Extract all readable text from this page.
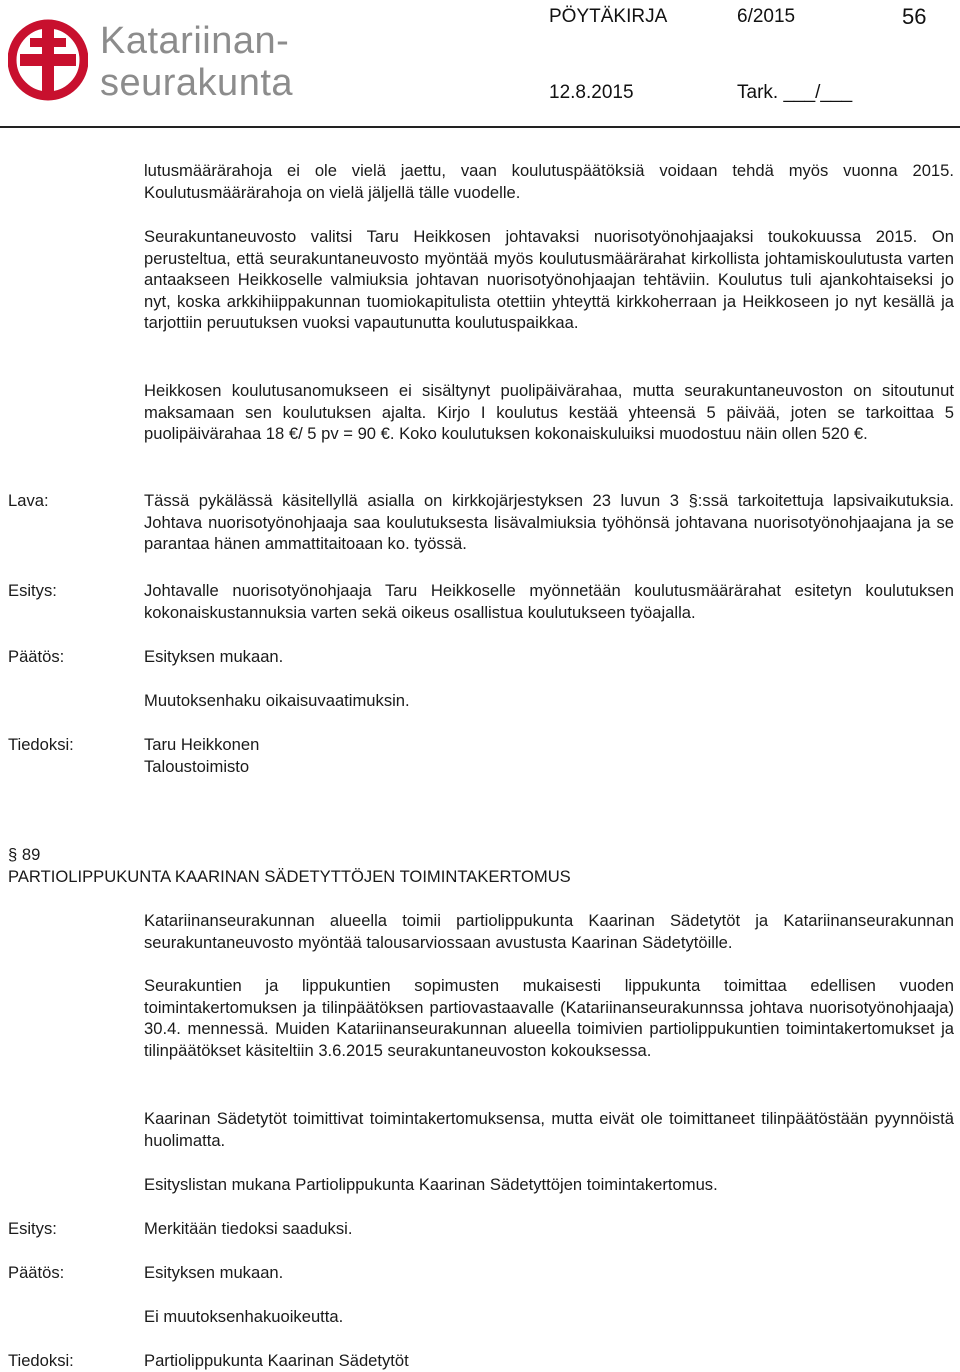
Katariinan-
seurakunta
PÖYTÄKIRJA	6/2015	56
12.8.2015	Tark. ___/___
lutusmäärärahoja ei ole vielä jaettu, vaan koulutuspäätöksiä voidaan tehdä myös vuonna 2015. Koulutusmäärärahoja on vielä jäljellä tälle vuodelle.
Seurakuntaneuvosto valitsi Taru Heikkosen johtavaksi nuorisotyönohjaajaksi toukokuussa 2015. On perusteltua, että seurakuntaneuvosto myöntää myös koulutusmäärärahat kirkollista johtamiskoulutusta varten antaakseen Heikkoselle valmiuksia johtavan nuorisotyönohjaajan tehtäviin. Koulutus tuli ajankohtaiseksi jo nyt, koska arkkihiippakunnan tuomiokapitulista otettiin yhteyttä kirkkoherraan ja Heikkoseen jo nyt kesällä ja tarjottiin peruutuksen vuoksi vapautunutta koulutuspaikkaa.
Heikkosen koulutusanomukseen ei sisältynyt puolipäivärahaa, mutta seurakuntaneuvoston on sitoutunut maksamaan sen koulutuksen ajalta. Kirjo I koulutus kestää yhteensä 5 päivää, joten se tarkoittaa 5 puolipäivärahaa 18 €/ 5 pv = 90 €. Koko koulutuksen kokonaiskuluiksi muodostuu näin ollen 520 €.
Lava:	Tässä pykälässä käsitellyllä asialla on kirkkojärjestyksen 23 luvun 3 §:ssä tarkoitettuja lapsivaikutuksia. Johtava nuorisotyönohjaaja saa koulutuksesta lisävalmiuksia työhönsä johtavana nuorisotyönohjaajana ja se parantaa hänen ammattitaitoaan ko. työssä.
Esitys:	Johtavalle nuorisotyönohjaaja Taru Heikkoselle myönnetään koulutusmäärärahat esitetyn koulutuksen kokonaiskustannuksia varten sekä oikeus osallistua koulutukseen työajalla.
Päätös:	Esityksen mukaan.
Muutoksenhaku oikaisuvaatimuksin.
Tiedoksi:	Taru Heikkonen
Taloustoimisto
§ 89
PARTIOLIPPUKUNTA KAARINAN SÄDETYTTÖJEN TOIMINTAKERTOMUS
Katariinanseurakunnan alueella toimii partiolippukunta Kaarinan Sädetytöt ja Katariinanseurakunnan seurakuntaneuvosto myöntää talousarviossaan avustusta Kaarinan Sädetytöille.
Seurakuntien ja lippukuntien sopimusten mukaisesti lippukunta toimittaa edellisen vuoden toimintakertomuksen ja tilinpäätöksen partiovastaavalle (Katariinanseurakunnssa johtava nuorisotyönohjaaja) 30.4. mennessä. Muiden Katariinanseurakunnan alueella toimivien partiolippukuntien toimintakertomukset ja tilinpäätökset käsiteltiin 3.6.2015 seurakuntaneuvoston kokouksessa.
Kaarinan Sädetytöt toimittivat toimintakertomuksensa, mutta eivät ole toimittaneet tilinpäätöstään pyynnöistä huolimatta.
Esityslistan mukana Partiolippukunta Kaarinan Sädetyttöjen toimintakertomus.
Esitys:	Merkitään tiedoksi saaduksi.
Päätös:	Esityksen mukaan.
Ei muutoksenhakuoikeutta.
Tiedoksi:	Partiolippukunta Kaarinan Sädetytöt
